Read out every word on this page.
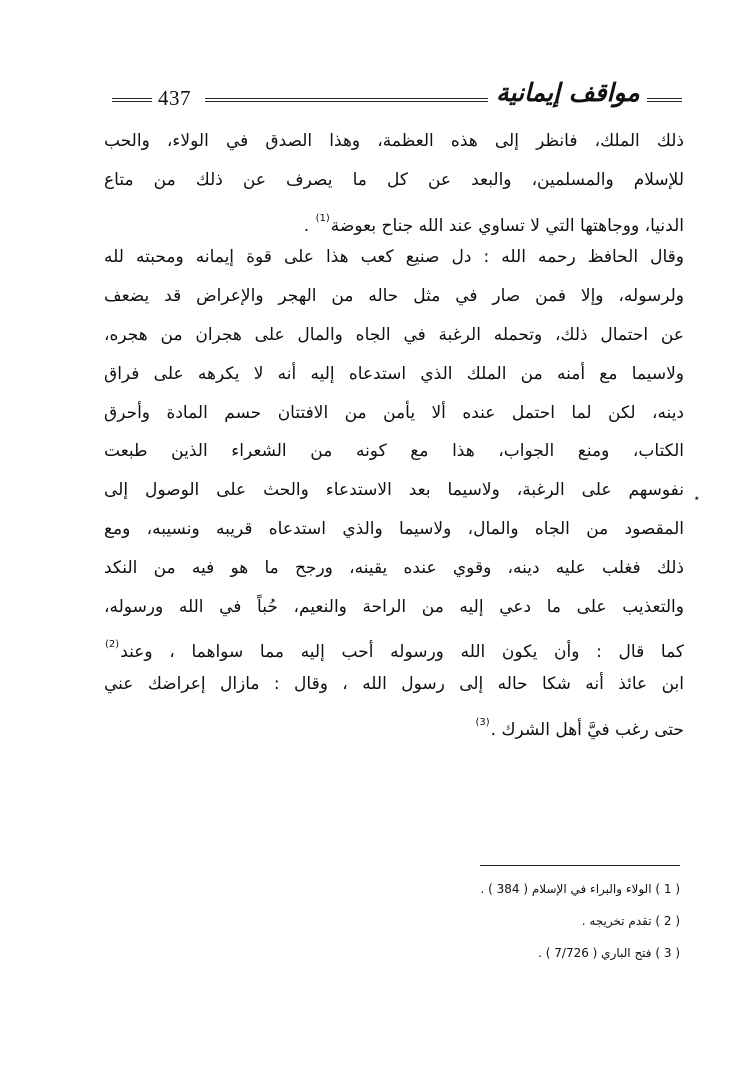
437	مواقف إيمانية
ذلك الملك، فانظر إلى هذه العظمة، وهذا الصدق في الولاء، والحب
للإسلام والمسلمين، والبعد عن كل ما يصرف عن ذلك من متاع
الدنيا، ووجاهتها التي لا تساوي عند الله جناح بعوضة$^{(1)}$ .
وقال الحافظ رحمه الله : دل صنيع كعب هذا على قوة إيمانه ومحبته لله
ولرسوله، وإلا فمن صار في مثل حاله من الهجر والإعراض قد يضعف
عن احتمال ذلك، وتحمله الرغبة في الجاه والمال على هجران من هجره،
ولاسيما مع أمنه من الملك الذي استدعاه إليه أنه لا يكرهه على فراق
دينه، لكن لما احتمل عنده ألا يأمن من الافتتان حسم المادة وأحرق
الكتاب، ومنع الجواب، هذا مع كونه من الشعراء الذين طبعت
نفوسهم على الرغبة، ولاسيما بعد الاستدعاء والحث على الوصول إلى
المقصود من الجاه والمال، ولاسيما والذي استدعاه قريبه ونسيبه، ومع
ذلك فغلب عليه دينه، وقوي عنده يقينه، ورجح ما هو فيه من النكد
والتعذيب على ما دعي إليه من الراحة والنعيم، حُباً في الله ورسوله،
كما قال : وأن يكون الله ورسوله أحب إليه مما سواهما ، وعند$^{(2)}$
ابن عائذ أنه شكا حاله إلى رسول الله ، وقال : مازال إعراضك عني
حتى رغب فيَّ أهل الشرك .$^{(3)}$
٭
( 1 ) الولاء والبراء في الإسلام ( 384 ) .
( 2 ) تقدم تخريجه .
( 3 ) فتح الباري ( 7/726 ) .
